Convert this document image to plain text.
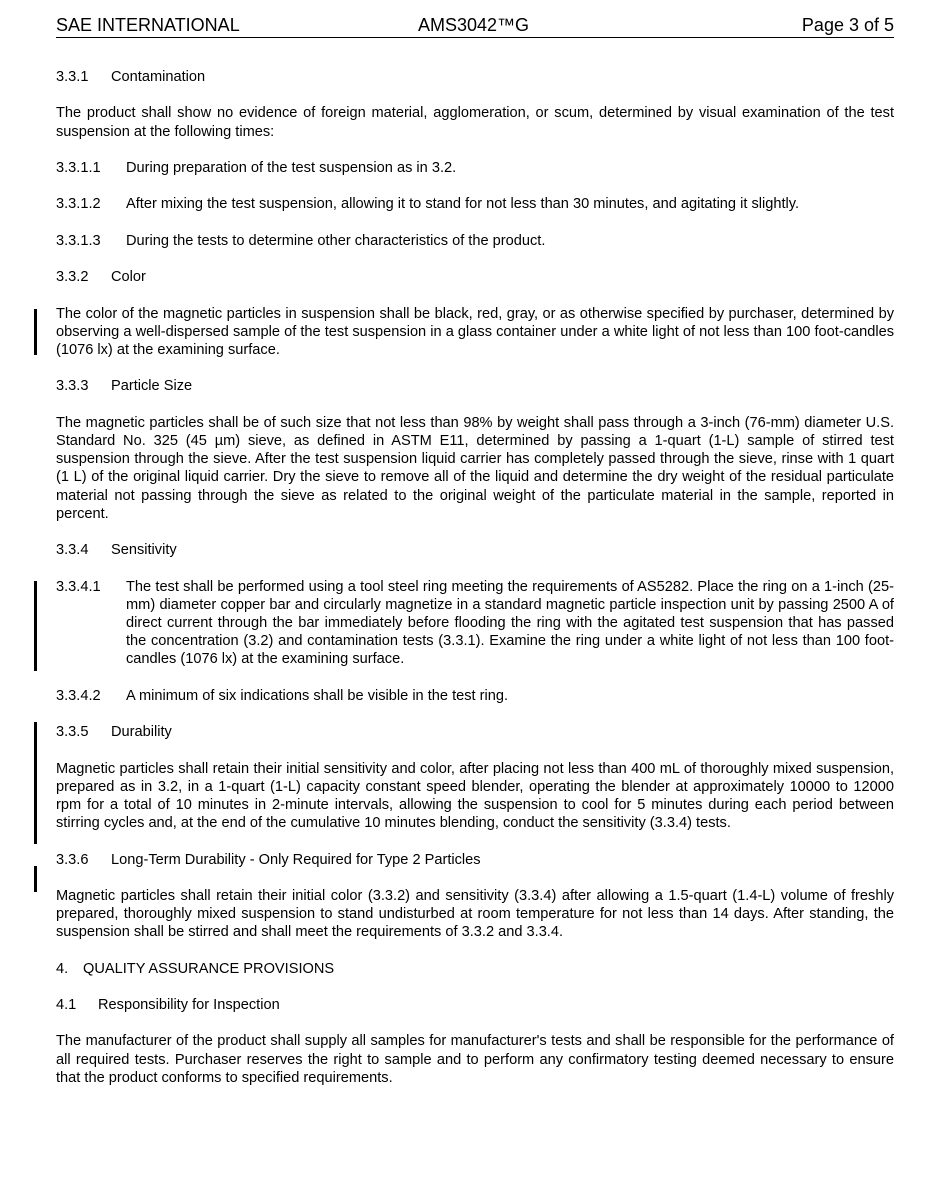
SAE INTERNATIONAL	AMS3042™G	Page 3 of 5

3.3.1 Contamination

The product shall show no evidence of foreign material, agglomeration, or scum, determined by visual examination of the test suspension at the following times:

3.3.1.1 During preparation of the test suspension as in 3.2.

3.3.1.2 After mixing the test suspension, allowing it to stand for not less than 30 minutes, and agitating it slightly.

3.3.1.3 During the tests to determine other characteristics of the product.

3.3.2 Color

The color of the magnetic particles in suspension shall be black, red, gray, or as otherwise specified by purchaser, determined by observing a well-dispersed sample of the test suspension in a glass container under a white light of not less than 100 foot-candles (1076 lx) at the examining surface.

3.3.3 Particle Size

The magnetic particles shall be of such size that not less than 98% by weight shall pass through a 3-inch (76-mm) diameter U.S. Standard No. 325 (45 µm) sieve, as defined in ASTM E11, determined by passing a 1-quart (1-L) sample of stirred test suspension through the sieve. After the test suspension liquid carrier has completely passed through the sieve, rinse with 1 quart (1 L) of the original liquid carrier. Dry the sieve to remove all of the liquid and determine the dry weight of the residual particulate material not passing through the sieve as related to the original weight of the particulate material in the sample, reported in percent.

3.3.4 Sensitivity

3.3.4.1	The test shall be performed using a tool steel ring meeting the requirements of AS5282. Place the ring on a 1-inch (25-mm) diameter copper bar and circularly magnetize in a standard magnetic particle inspection unit by passing 2500 A of direct current through the bar immediately before flooding the ring with the agitated test suspension that has passed the concentration (3.2) and contamination tests (3.3.1). Examine the ring under a white light of not less than 100 foot-candles (1076 lx) at the examining surface.

3.3.4.2 A minimum of six indications shall be visible in the test ring.

3.3.5 Durability

Magnetic particles shall retain their initial sensitivity and color, after placing not less than 400 mL of thoroughly mixed suspension, prepared as in 3.2, in a 1-quart (1-L) capacity constant speed blender, operating the blender at approximately 10000 to 12000 rpm for a total of 10 minutes in 2-minute intervals, allowing the suspension to cool for 5 minutes during each period between stirring cycles and, at the end of the cumulative 10 minutes blending, conduct the sensitivity (3.3.4) tests.

3.3.6 Long-Term Durability - Only Required for Type 2 Particles

Magnetic particles shall retain their initial color (3.3.2) and sensitivity (3.3.4) after allowing a 1.5-quart (1.4-L) volume of freshly prepared, thoroughly mixed suspension to stand undisturbed at room temperature for not less than 14 days. After standing, the suspension shall be stirred and shall meet the requirements of 3.3.2 and 3.3.4.

4. QUALITY ASSURANCE PROVISIONS

4.1 Responsibility for Inspection

The manufacturer of the product shall supply all samples for manufacturer's tests and shall be responsible for the performance of all required tests. Purchaser reserves the right to sample and to perform any confirmatory testing deemed necessary to ensure that the product conforms to specified requirements.
